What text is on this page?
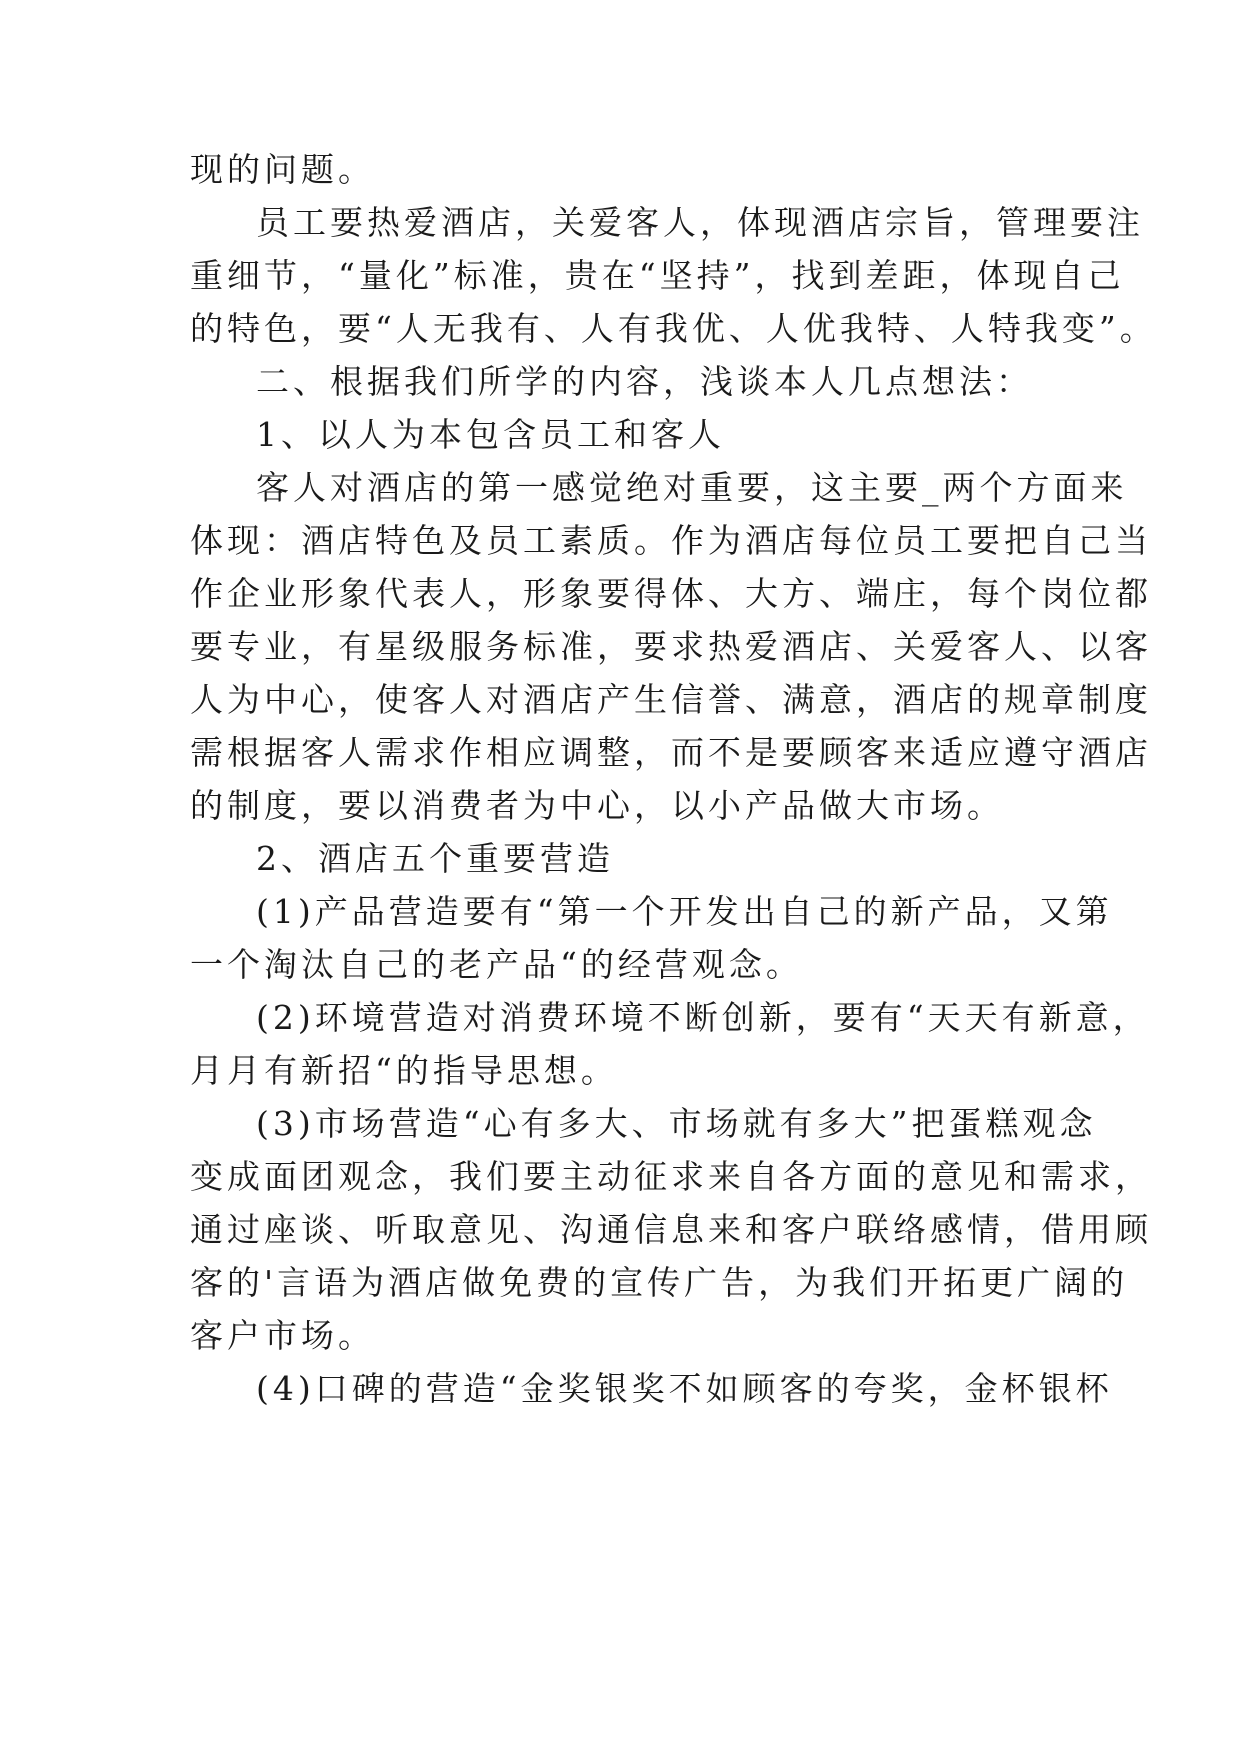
现的问题。
员工要热爱酒店，关爱客人，体现酒店宗旨，管理要注
重细节，“量化”标准，贵在“坚持”，找到差距，体现自己
的特色，要“人无我有、人有我优、人优我特、人特我变”。
二、根据我们所学的内容，浅谈本人几点想法：
1、以人为本包含员工和客人
客人对酒店的第一感觉绝对重要，这主要_两个方面来
体现：酒店特色及员工素质。作为酒店每位员工要把自己当
作企业形象代表人，形象要得体、大方、端庄，每个岗位都
要专业，有星级服务标准，要求热爱酒店、关爱客人、以客
人为中心，使客人对酒店产生信誉、满意，酒店的规章制度
需根据客人需求作相应调整，而不是要顾客来适应遵守酒店
的制度，要以消费者为中心，以小产品做大市场。
2、酒店五个重要营造
(1)产品营造要有“第一个开发出自己的新产品，又第
一个淘汰自己的老产品“的经营观念。
(2)环境营造对消费环境不断创新，要有“天天有新意，
月月有新招“的指导思想。
(3)市场营造“心有多大、市场就有多大”把蛋糕观念
变成面团观念，我们要主动征求来自各方面的意见和需求，
通过座谈、听取意见、沟通信息来和客户联络感情，借用顾
客的'言语为酒店做免费的宣传广告，为我们开拓更广阔的
客户市场。
(4)口碑的营造“金奖银奖不如顾客的夸奖，金杯银杯
